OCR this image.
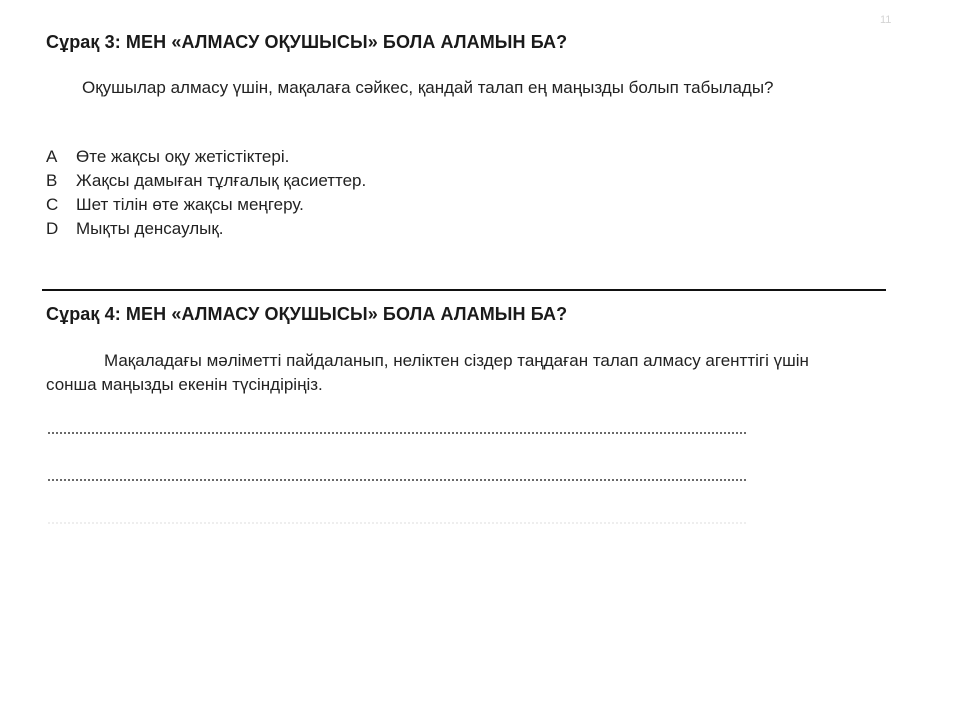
11
Сұрақ 3: МЕН «АЛМАСУ ОҚУШЫСЫ» БОЛА АЛАМЫН БА?
Оқушылар алмасу үшін, мақалаға сәйкес, қандай талап ең маңызды болып табылады?
A Өте жақсы оқу жетістіктері.
B Жақсы дамыған тұлғалық қасиеттер.
C Шет тілін өте жақсы меңгеру.
D Мықты денсаулық.
Сұрақ 4: МЕН «АЛМАСУ ОҚУШЫСЫ» БОЛА АЛАМЫН БА?
Мақаладағы мәліметті пайдаланып, неліктен сіздер таңдаған талап алмасу агенттігі үшін сонша маңызды екенін түсіндіріңіз.
